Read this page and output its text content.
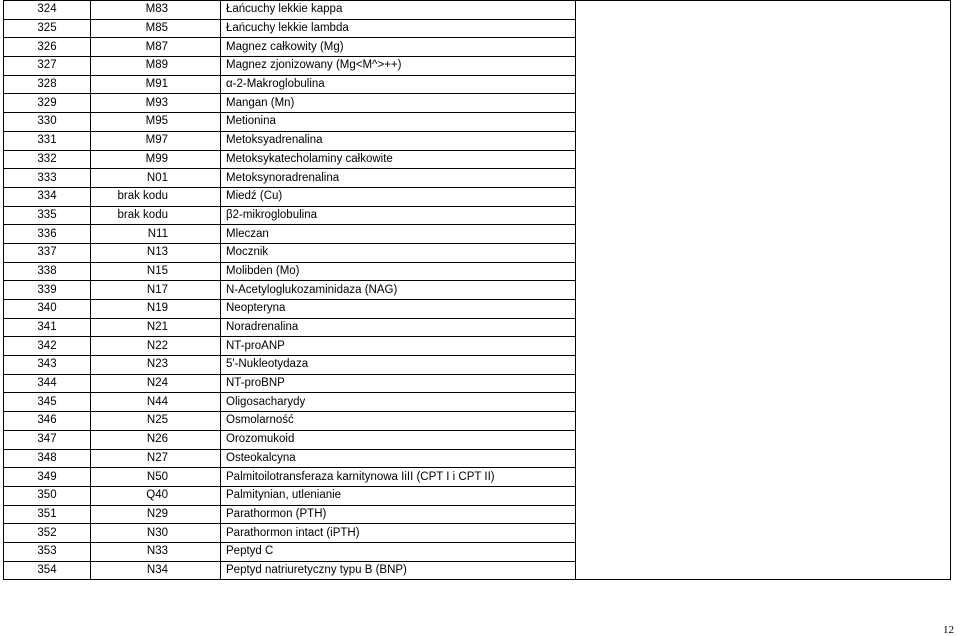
324	M83	Łańcuchy lekkie kappa	
325	M85	Łańcuchy lekkie lambda	
326	M87	Magnez całkowity (Mg)	
327	M89	Magnez zjonizowany (Mg<M^>++)	
328	M91	α-2-Makroglobulina	
329	M93	Mangan (Mn)	
330	M95	Metionina	
331	M97	Metoksyadrenalina	
332	M99	Metoksykatecholaminy całkowite	
333	N01	Metoksynoradrenalina	
334	brak kodu	Miedź (Cu)	
335	brak kodu	β2-mikroglobulina	
336	N11	Mleczan	
337	N13	Mocznik	
338	N15	Molibden (Mo)	
339	N17	N-Acetyloglukozaminidaza (NAG)	
340	N19	Neopteryna	
341	N21	Noradrenalina	
342	N22	NT-proANP	
343	N23	5'-Nukleotydaza	
344	N24	NT-proBNP	
345	N44	Oligosacharydy	
346	N25	Osmolarność	
347	N26	Orozomukoid	
348	N27	Osteokalcyna	
349	N50	Palmitoilotransferaza karnitynowa IiII (CPT I i CPT II)	
350	Q40	Palmitynian, utlenianie	
351	N29	Parathormon (PTH)	
352	N30	Parathormon intact (iPTH)	
353	N33	Peptyd C	
354	N34	Peptyd natriuretyczny typu B (BNP)	
12
